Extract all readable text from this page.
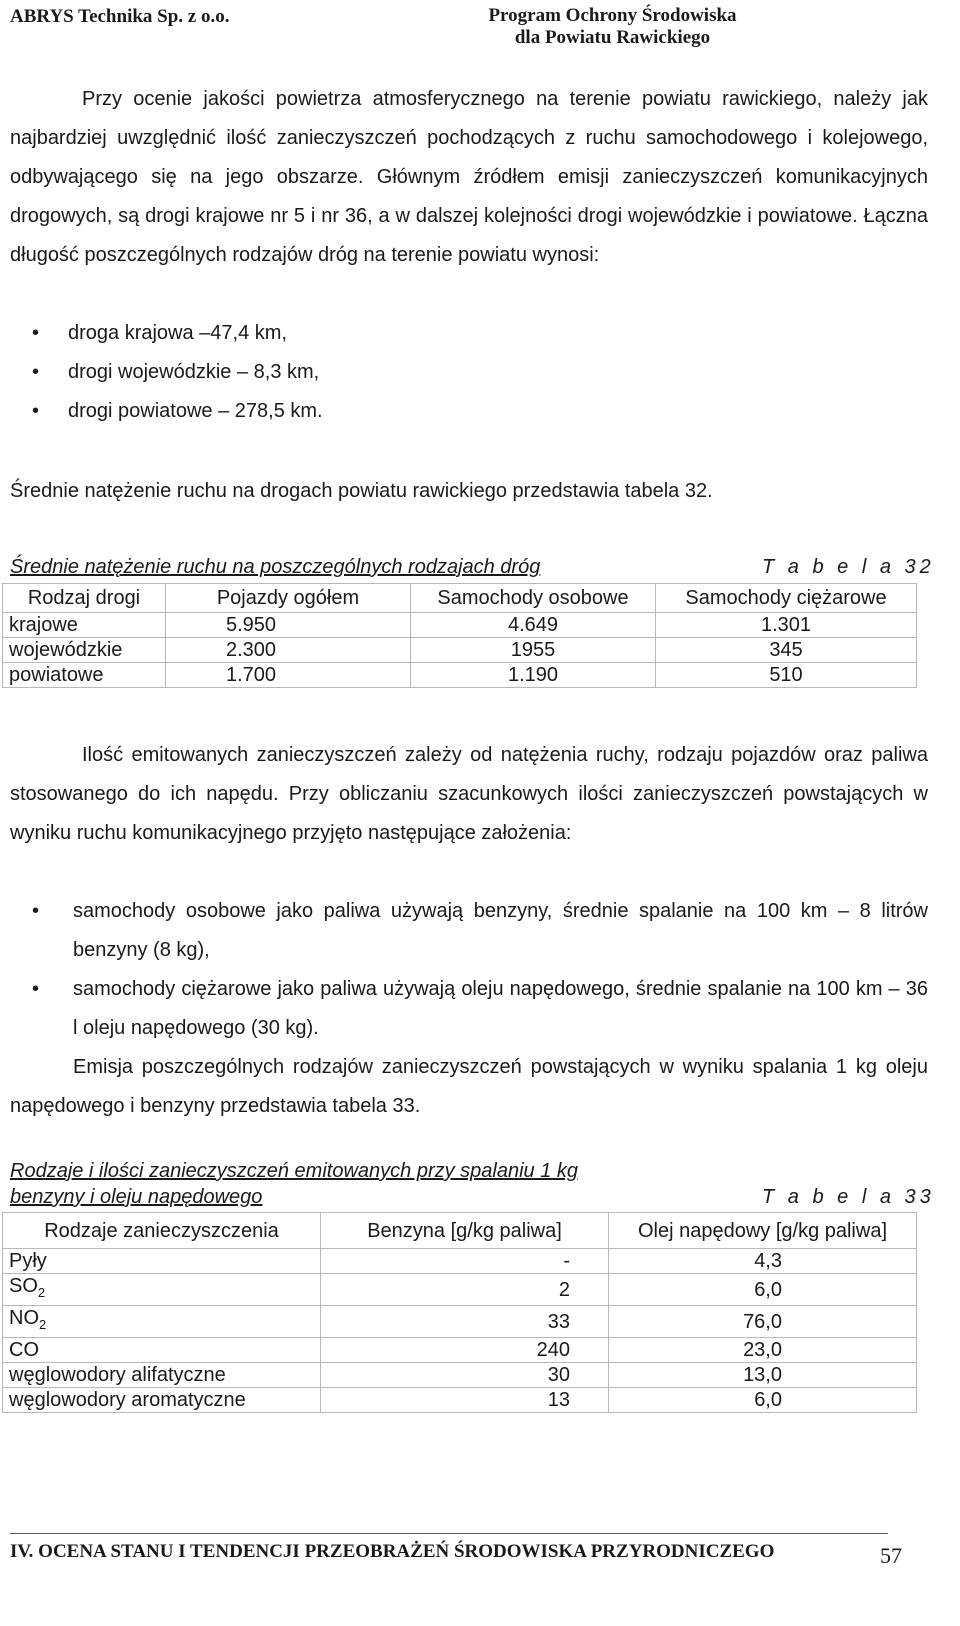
ABRYS Technika Sp. z o.o.	Program Ochrony Środowiska
dla Powiatu Rawickiego
Przy ocenie jakości powietrza atmosferycznego na terenie powiatu rawickiego, należy jak najbardziej uwzględnić ilość zanieczyszczeń pochodzących z ruchu samochodowego i kolejowego, odbywającego się na jego obszarze. Głównym źródłem emisji zanieczyszczeń komunikacyjnych drogowych, są drogi krajowe nr 5 i nr 36, a w dalszej kolejności drogi wojewódzkie i powiatowe. Łączna długość poszczególnych rodzajów dróg na terenie powiatu wynosi:
• droga krajowa –47,4 km,
• drogi wojewódzkie – 8,3 km,
• drogi powiatowe – 278,5 km.
Średnie natężenie ruchu na drogach powiatu rawickiego przedstawia tabela 32.
Średnie natężenie ruchu na poszczególnych rodzajach dróg	T a b e l a 32
Rodzaj drogi	Pojazdy ogółem	Samochody osobowe	Samochody ciężarowe
krajowe	5.950	4.649	1.301
wojewódzkie	2.300	1955	345
powiatowe	1.700	1.190	510
Ilość emitowanych zanieczyszczeń zależy od natężenia ruchy, rodzaju pojazdów oraz paliwa stosowanego do ich napędu. Przy obliczaniu szacunkowych ilości zanieczyszczeń powstających w wyniku ruchu komunikacyjnego przyjęto następujące założenia:
• samochody osobowe jako paliwa używają benzyny, średnie spalanie na 100 km – 8 litrów benzyny (8 kg),
• samochody ciężarowe jako paliwa używają oleju napędowego, średnie spalanie na 100 km – 36 l oleju napędowego (30 kg).
Emisja poszczególnych rodzajów zanieczyszczeń powstających w wyniku spalania 1 kg oleju napędowego i benzyny przedstawia tabela 33.
Rodzaje i ilości zanieczyszczeń emitowanych przy spalaniu 1 kg
benzyny i oleju napędowego	T a b e l a 33
Rodzaje zanieczyszczenia	Benzyna [g/kg paliwa]	Olej napędowy [g/kg paliwa]
Pyły	-	4,3
$SO_2$	2	6,0
$NO_2$	33	76,0
CO	240	23,0
węglowodory alifatyczne	30	13,0
węglowodory aromatyczne	13	6,0
IV. OCENA STANU I TENDENCJI PRZEOBRAŻEŃ ŚRODOWISKA PRZYRODNICZEGO	57
